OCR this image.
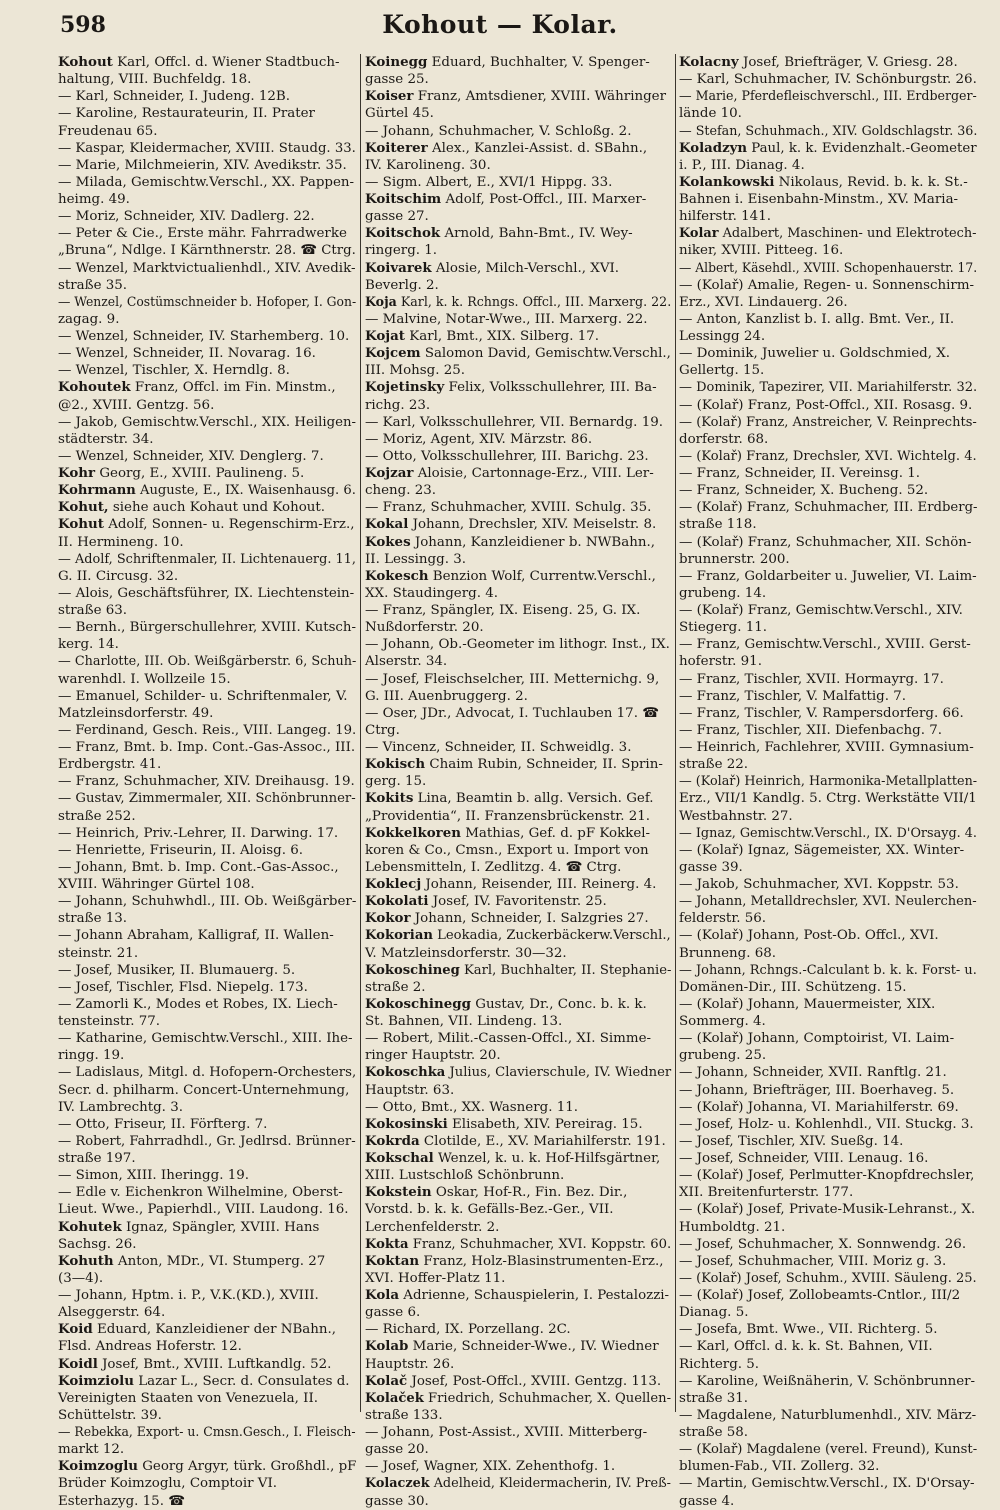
598	Kohout — Kolar.
Kohout Karl, Offcl. d. Wiener Stadtbuch-
haltung, VIII. Buchfeldg. 18.
— Karl, Schneider, I. Judeng. 12B.
— Karoline, Restaurateurin, II. Prater
Freudenau 65.
— Kaspar, Kleidermacher, XVIII. Staudg. 33.
— Marie, Milchmeierin, XIV. Avedikstr. 35.
— Milada, Gemischtw.Verschl., XX. Pappen-
heimg. 49.
— Moriz, Schneider, XIV. Dadlerg. 22.
— Peter & Cie., Erste mähr. Fahrradwerke
„Bruna“, Ndlge. I Kärnthnerstr. 28. ☎ Ctrg.
— Wenzel, Marktvictualienhdl., XIV. Avedik-
straße 35.
— Wenzel, Costümschneider b. Hofoper, I. Gon-
zagag. 9.
— Wenzel, Schneider, IV. Starhemberg. 10.
— Wenzel, Schneider, II. Novarag. 16.
— Wenzel, Tischler, X. Herndlg. 8.
Kohoutek Franz, Offcl. im Fin. Minstm.,
@2., XVIII. Gentzg. 56.
— Jakob, Gemischtw.Verschl., XIX. Heiligen-
städterstr. 34.
— Wenzel, Schneider, XIV. Denglerg. 7.
Kohr Georg, E., XVIII. Paulineng. 5.
Kohrmann Auguste, E., IX. Waisenhausg. 6.
Kohut, siehe auch Kohaut und Kohout.
Kohut Adolf, Sonnen- u. Regenschirm-Erz.,
II. Hermineng. 10.
— Adolf, Schriftenmaler, II. Lichtenauerg. 11,
G. II. Circusg. 32.
— Alois, Geschäftsführer, IX. Liechtenstein-
straße 63.
— Bernh., Bürgerschullehrer, XVIII. Kutsch-
kerg. 14.
— Charlotte, III. Ob. Weißgärberstr. 6, Schuh-
warenhdl. I. Wollzeile 15.
— Emanuel, Schilder- u. Schriftenmaler, V.
Matzleinsdorferstr. 49.
— Ferdinand, Gesch. Reis., VIII. Langeg. 19.
— Franz, Bmt. b. Imp. Cont.-Gas-Assoc., III.
Erdbergstr. 41.
— Franz, Schuhmacher, XIV. Dreihausg. 19.
— Gustav, Zimmermaler, XII. Schönbrunner-
straße 252.
— Heinrich, Priv.-Lehrer, II. Darwing. 17.
— Henriette, Friseurin, II. Aloisg. 6.
— Johann, Bmt. b. Imp. Cont.-Gas-Assoc.,
XVIII. Währinger Gürtel 108.
— Johann, Schuhwhdl., III. Ob. Weißgärber-
straße 13.
— Johann Abraham, Kalligraf, II. Wallen-
steinstr. 21.
— Josef, Musiker, II. Blumauerg. 5.
— Josef, Tischler, Flsd. Niepelg. 173.
— Zamorli K., Modes et Robes, IX. Liech-
tensteinstr. 77.
— Katharine, Gemischtw.Verschl., XIII. Ihe-
ringg. 19.
— Ladislaus, Mitgl. d. Hofopern-Orchesters,
Secr. d. philharm. Concert-Unternehmung,
IV. Lambrechtg. 3.
— Otto, Friseur, II. Förfterg. 7.
— Robert, Fahrradhdl., Gr. Jedlrsd. Brünner-
straße 197.
— Simon, XIII. Iheringg. 19.
— Edle v. Eichenkron Wilhelmine, Oberst-
Lieut. Wwe., Papierhdl., VIII. Laudong. 16.
Kohutek Ignaz, Spängler, XVIII. Hans
Sachsg. 26.
Kohuth Anton, MDr., VI. Stumperg. 27
(3—4).
— Johann, Hptm. i. P., V.K.(KD.), XVIII.
Alseggerstr. 64.
Koid Eduard, Kanzleidiener der NBahn.,
Flsd. Andreas Hoferstr. 12.
Koidl Josef, Bmt., XVIII. Luftkandlg. 52.
Koimziolu Lazar L., Secr. d. Consulates d.
Vereinigten Staaten von Venezuela, II.
Schüttelstr. 39.
— Rebekka, Export- u. Cmsn.Gesch., I. Fleisch-
markt 12.
Koimzoglu Georg Argyr, türk. Großhdl., pF
Brüder Koimzoglu, Comptoir VI.
Esterhazyg. 15. ☎
Koinegg Eduard, Buchhalter, V. Spenger-
gasse 25.
Koiser Franz, Amtsdiener, XVIII. Währinger
Gürtel 45.
— Johann, Schuhmacher, V. Schloßg. 2.
Koiterer Alex., Kanzlei-Assist. d. SBahn.,
IV. Karolineng. 30.
— Sigm. Albert, E., XVI/1 Hippg. 33.
Koitschim Adolf, Post-Offcl., III. Marxer-
gasse 27.
Koitschok Arnold, Bahn-Bmt., IV. Wey-
ringerg. 1.
Koivarek Alosie, Milch-Verschl., XVI.
Beverlg. 2.
Koja Karl, k. k. Rchngs. Offcl., III. Marxerg. 22.
— Malvine, Notar-Wwe., III. Marxerg. 22.
Kojat Karl, Bmt., XIX. Silberg. 17.
Kojcem Salomon David, Gemischtw.Verschl.,
III. Mohsg. 25.
Kojetinsky Felix, Volksschullehrer, III. Ba-
richg. 23.
— Karl, Volksschullehrer, VII. Bernardg. 19.
— Moriz, Agent, XIV. Märzstr. 86.
— Otto, Volksschullehrer, III. Barichg. 23.
Kojzar Aloisie, Cartonnage-Erz., VIII. Ler-
cheng. 23.
— Franz, Schuhmacher, XVIII. Schulg. 35.
Kokal Johann, Drechsler, XIV. Meiselstr. 8.
Kokes Johann, Kanzleidiener b. NWBahn.,
II. Lessingg. 3.
Kokesch Benzion Wolf, Currentw.Verschl.,
XX. Staudingerg. 4.
— Franz, Spängler, IX. Eiseng. 25, G. IX.
Nußdorferstr. 20.
— Johann, Ob.-Geometer im lithogr. Inst., IX.
Alserstr. 34.
— Josef, Fleischselcher, III. Metternichg. 9,
G. III. Auenbruggerg. 2.
— Oser, JDr., Advocat, I. Tuchlauben 17. ☎
Ctrg.
— Vincenz, Schneider, II. Schweidlg. 3.
Kokisch Chaim Rubin, Schneider, II. Sprin-
gerg. 15.
Kokits Lina, Beamtin b. allg. Versich. Gef.
„Providentia“, II. Franzensbrückenstr. 21.
Kokkelkoren Mathias, Gef. d. pF Kokkel-
koren & Co., Cmsn., Export u. Import von
Lebensmitteln, I. Zedlitzg. 4. ☎ Ctrg.
Koklecj Johann, Reisender, III. Reinerg. 4.
Kokolati Josef, IV. Favoritenstr. 25.
Kokor Johann, Schneider, I. Salzgries 27.
Kokorian Leokadia, Zuckerbäckerw.Verschl.,
V. Matzleinsdorferstr. 30—32.
Kokoschineg Karl, Buchhalter, II. Stephanie-
straße 2.
Kokoschinegg Gustav, Dr., Conc. b. k. k.
St. Bahnen, VII. Lindeng. 13.
— Robert, Milit.-Cassen-Offcl., XI. Simme-
ringer Hauptstr. 20.
Kokoschka Julius, Clavierschule, IV. Wiedner
Hauptstr. 63.
— Otto, Bmt., XX. Wasnerg. 11.
Kokosinski Elisabeth, XIV. Pereirag. 15.
Kokrda Clotilde, E., XV. Mariahilferstr. 191.
Kokschal Wenzel, k. u. k. Hof-Hilfsgärtner,
XIII. Lustschloß Schönbrunn.
Kokstein Oskar, Hof-R., Fin. Bez. Dir.,
Vorstd. b. k. k. Gefälls-Bez.-Ger., VII.
Lerchenfelderstr. 2.
Kokta Franz, Schuhmacher, XVI. Koppstr. 60.
Koktan Franz, Holz-Blasinstrumenten-Erz.,
XVI. Hoffer-Platz 11.
Kola Adrienne, Schauspielerin, I. Pestalozzi-
gasse 6.
— Richard, IX. Porzellang. 2C.
Kolab Marie, Schneider-Wwe., IV. Wiedner
Hauptstr. 26.
Kolač Josef, Post-Offcl., XVIII. Gentzg. 113.
Kolaček Friedrich, Schuhmacher, X. Quellen-
straße 133.
— Johann, Post-Assist., XVIII. Mitterberg-
gasse 20.
— Josef, Wagner, XIX. Zehenthofg. 1.
Kolaczek Adelheid, Kleidermacherin, IV. Preß-
gasse 30.
Kolacny Josef, Briefträger, V. Griesg. 28.
— Karl, Schuhmacher, IV. Schönburgstr. 26.
— Marie, Pferdefleischverschl., III. Erdberger-
lände 10.
— Stefan, Schuhmach., XIV. Goldschlagstr. 36.
Koladzyn Paul, k. k. Evidenzhalt.-Geometer
i. P., III. Dianag. 4.
Kolankowski Nikolaus, Revid. b. k. k. St.-
Bahnen i. Eisenbahn-Minstm., XV. Maria-
hilferstr. 141.
Kolar Adalbert, Maschinen- und Elektrotech-
niker, XVIII. Pitteeg. 16.
— Albert, Käsehdl., XVIII. Schopenhauerstr. 17.
— (Kolař) Amalie, Regen- u. Sonnenschirm-
Erz., XVI. Lindauerg. 26.
— Anton, Kanzlist b. I. allg. Bmt. Ver., II.
Lessingg 24.
— Dominik, Juwelier u. Goldschmied, X.
Gellertg. 15.
— Dominik, Tapezirer, VII. Mariahilferstr. 32.
— (Kolař) Franz, Post-Offcl., XII. Rosasg. 9.
— (Kolař) Franz, Anstreicher, V. Reinprechts-
dorferstr. 68.
— (Kolař) Franz, Drechsler, XVI. Wichtelg. 4.
— Franz, Schneider, II. Vereinsg. 1.
— Franz, Schneider, X. Bucheng. 52.
— (Kolař) Franz, Schuhmacher, III. Erdberg-
straße 118.
— (Kolař) Franz, Schuhmacher, XII. Schön-
brunnerstr. 200.
— Franz, Goldarbeiter u. Juwelier, VI. Laim-
grubeng. 14.
— (Kolař) Franz, Gemischtw.Verschl., XIV.
Stiegerg. 11.
— Franz, Gemischtw.Verschl., XVIII. Gerst-
hoferstr. 91.
— Franz, Tischler, XVII. Hormayrg. 17.
— Franz, Tischler, V. Malfattig. 7.
— Franz, Tischler, V. Rampersdorferg. 66.
— Franz, Tischler, XII. Diefenbachg. 7.
— Heinrich, Fachlehrer, XVIII. Gymnasium-
straße 22.
— (Kolař) Heinrich, Harmonika-Metallplatten-
Erz., VII/1 Kandlg. 5. Ctrg. Werkstätte VII/1
Westbahnstr. 27.
— Ignaz, Gemischtw.Verschl., IX. D'Orsayg. 4.
— (Kolař) Ignaz, Sägemeister, XX. Winter-
gasse 39.
— Jakob, Schuhmacher, XVI. Koppstr. 53.
— Johann, Metalldrechsler, XVI. Neulerchen-
felderstr. 56.
— (Kolař) Johann, Post-Ob. Offcl., XVI.
Brunneng. 68.
— Johann, Rchngs.-Calculant b. k. k. Forst- u.
Domänen-Dir., III. Schützeng. 15.
— (Kolař) Johann, Mauermeister, XIX.
Sommerg. 4.
— (Kolař) Johann, Comptoirist, VI. Laim-
grubeng. 25.
— Johann, Schneider, XVII. Ranftlg. 21.
— Johann, Briefträger, III. Boerhaveg. 5.
— (Kolař) Johanna, VI. Mariahilferstr. 69.
— Josef, Holz- u. Kohlenhdl., VII. Stuckg. 3.
— Josef, Tischler, XIV. Sueßg. 14.
— Josef, Schneider, VIII. Lenaug. 16.
— (Kolař) Josef, Perlmutter-Knopfdrechsler,
XII. Breitenfurterstr. 177.
— (Kolař) Josef, Private-Musik-Lehranst., X.
Humboldtg. 21.
— Josef, Schuhmacher, X. Sonnwendg. 26.
— Josef, Schuhmacher, VIII. Moriz g. 3.
— (Kolař) Josef, Schuhm., XVIII. Säuleng. 25.
— (Kolař) Josef, Zollobeamts-Cntlor., III/2
Dianag. 5.
— Josefa, Bmt. Wwe., VII. Richterg. 5.
— Karl, Offcl. d. k. k. St. Bahnen, VII.
Richterg. 5.
— Karoline, Weißnäherin, V. Schönbrunner-
straße 31.
— Magdalene, Naturblumenhdl., XIV. März-
straße 58.
— (Kolař) Magdalene (verel. Freund), Kunst-
blumen-Fab., VII. Zollerg. 32.
— Martin, Gemischtw.Verschl., IX. D'Orsay-
gasse 4.
